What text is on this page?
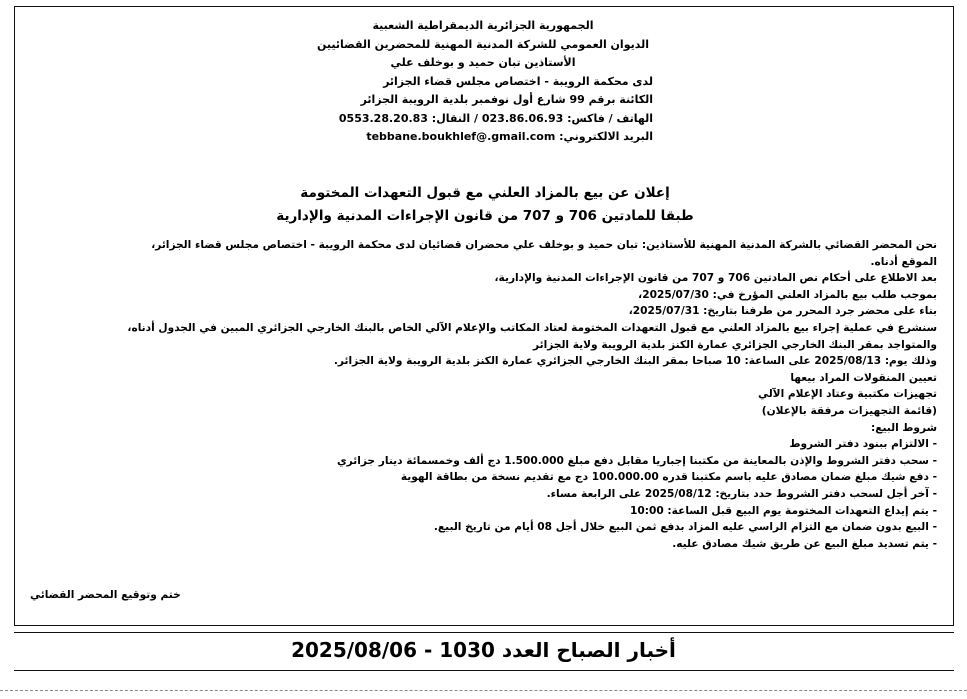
الجمهورية الجزائرية الديمقراطية الشعبية
الديوان العمومي للشركة المدنية المهنية للمحضرين القضائيين
الأستاذين تبان حميد و بوخلف علي
لدى محكمة الرويبة - اختصاص مجلس قضاء الجزائر
الكائنة برقم 99 شارع أول نوفمبر بلدية الرويبة الجزائر
الهاتف / فاكس: 023.86.06.93 / النقال: 0553.28.20.83
البريد الالكتروني: tebbane.boukhlef@.gmail.com
إعلان عن بيع بالمزاد العلني مع قبول التعهدات المختومة
طبقا للمادتين 706 و 707 من قانون الإجراءات المدنية والإدارية
نحن المحضر القضائي بالشركة المدنية المهنية للأستاذين: تبان حميد و بوخلف علي محضران قضائيان لدى محكمة الرويبة - اختصاص مجلس قضاء الجزائر،
الموقع أدناه.
بعد الاطلاع على أحكام نص المادتين 706 و 707 من قانون الإجراءات المدنية والإدارية،
بموجب طلب بيع بالمزاد العلني المؤرخ في: 2025/07/30،
بناء على محضر جرد المحرر من طرفنا بتاريخ: 2025/07/31،
سنشرع في عملية إجراء بيع بالمزاد العلني مع قبول التعهدات المختومة لعتاد المكاتب والإعلام الآلي الخاص بالبنك الخارجي الجزائري المبين في الجدول أدناه،
والمتواجد بمقر البنك الخارجي الجزائري عمارة الكنز بلدية الرويبة ولاية الجزائر
وذلك يوم: 2025/08/13 على الساعة: 10 صباحا بمقر البنك الخارجي الجزائري عمارة الكنز بلدية الرويبة ولاية الجزائر.
تعيين المنقولات المراد بيعها
تجهيزات مكتبية وعتاد الإعلام الآلي
(قائمة التجهيزات مرفقة بالإعلان)
شروط البيع:
- الالتزام ببنود دفتر الشروط
- سحب دفتر الشروط والإذن بالمعاينة من مكتبنا إجباريا مقابل دفع مبلغ 1.500.000 دج ألف وخمسمائة دينار جزائري
- دفع شيك مبلغ ضمان مصادق عليه باسم مكتبنا قدره 100.000.00 دج مع تقديم نسخة من بطاقة الهوية
- آخر أجل لسحب دفتر الشروط حدد بتاريخ: 2025/08/12 على الرابعة مساء.
- يتم إيداع التعهدات المختومة يوم البيع قبل الساعة: 10:00
- البيع بدون ضمان مع التزام الراسي عليه المزاد بدفع ثمن البيع خلال أجل 08 أيام من تاريخ البيع.
- يتم تسديد مبلغ البيع عن طريق شيك مصادق عليه.
ختم وتوقيع المحضر القضائي
أخبار الصباح العدد 1030 - 2025/08/06
